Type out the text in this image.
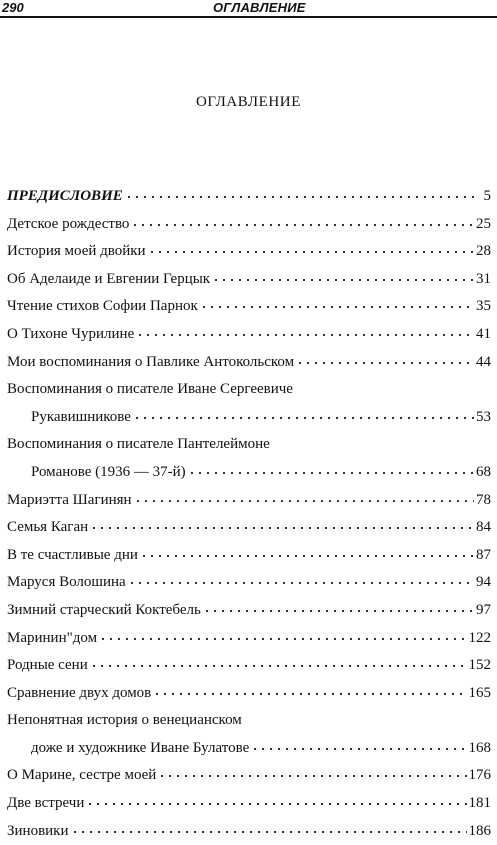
290	ОГЛАВЛЕНИЕ
ОГЛАВЛЕНИЕ
ПРЕДИСЛОВИЕ	5
Детское рождество	25
История моей двойки	28
Об Аделаиде и Евгении Герцык	31
Чтение стихов Софии Парнок	35
О Тихоне Чурилине	41
Мои воспоминания о Павлике Антокольском	44
Воспоминания о писателе Иване Сергеевиче
Рукавишникове	53
Воспоминания о писателе Пантелеймоне
Романове (1936 — 37-й)	68
Мариэтта Шагинян	78
Семья Каган	84
В те счастливые дни	87
Маруся Волошина	94
Зимний старческий Коктебель	97
Маринин"дом	122
Родные сени	152
Сравнение двух домов	165
Непонятная история о венецианском
доже и художнике Иване Булатове	168
О Марине, сестре моей	176
Две встречи	181
Зиновики	186
